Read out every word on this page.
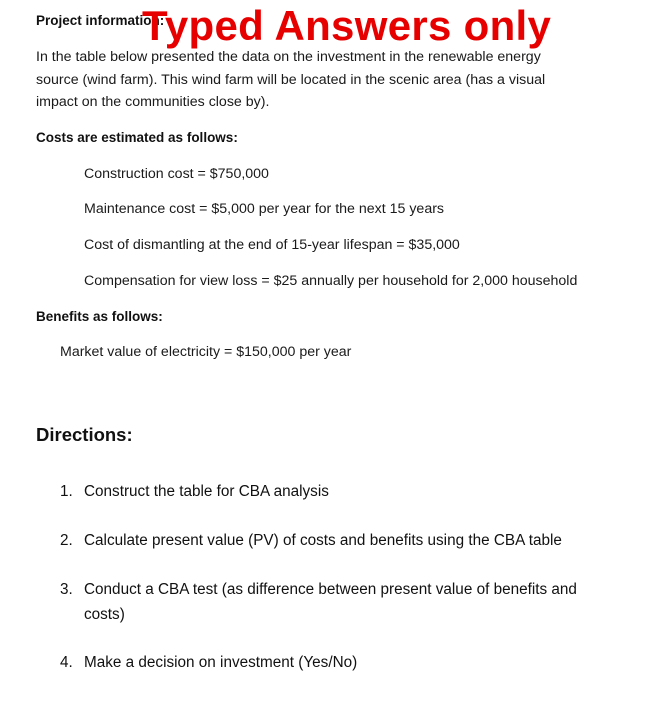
Project information:
Typed Answers only
In the table below presented the data on the investment in the renewable energy
source (wind farm). This wind farm will be located in the scenic area (has a visual
impact on the communities close by).
Costs are estimated as follows:
Construction cost = $750,000
Maintenance cost = $5,000 per year for the next 15 years
Cost of dismantling at the end of 15-year lifespan = $35,000
Compensation for view loss = $25 annually per household for 2,000 household
Benefits as follows:
Market value of electricity = $150,000 per year
Directions:
1. Construct the table for CBA analysis
2. Calculate present value (PV) of costs and benefits using the CBA table
3. Conduct a CBA test (as difference between present value of benefits and
costs)
4. Make a decision on investment (Yes/No)
